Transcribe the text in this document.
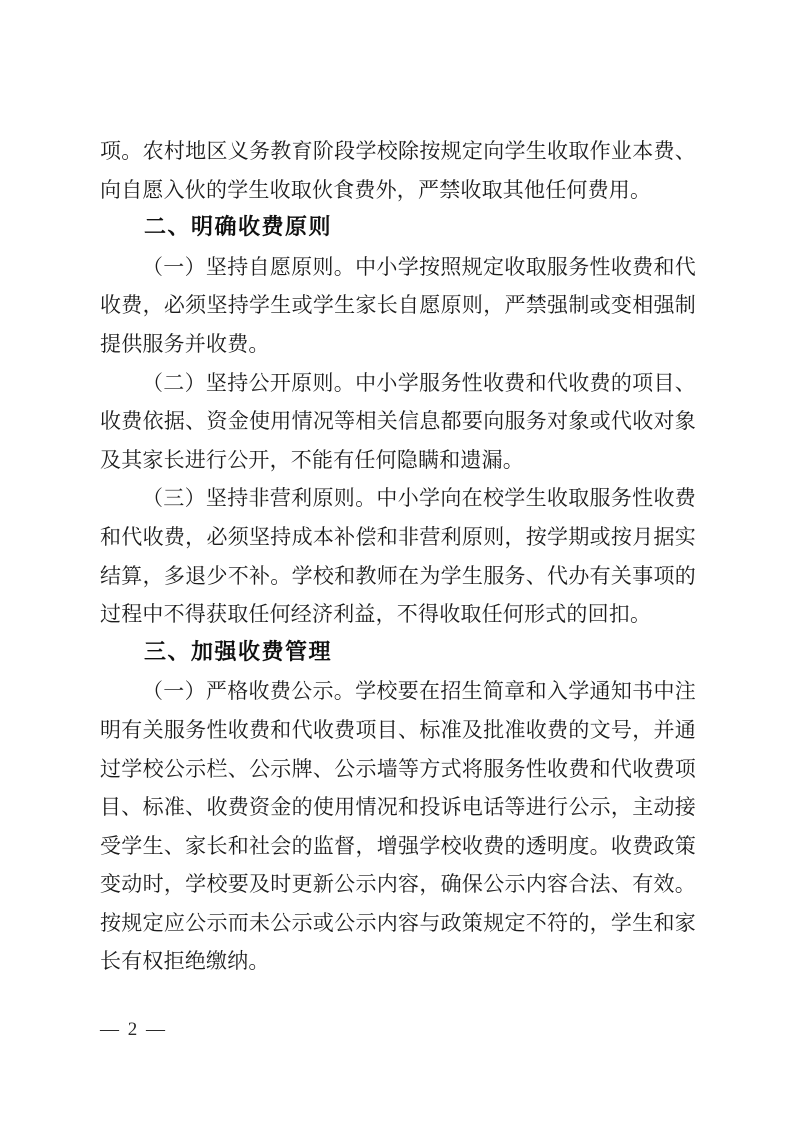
项。农村地区义务教育阶段学校除按规定向学生收取作业本费、向自愿入伙的学生收取伙食费外，严禁收取其他任何费用。

二、明确收费原则

（一）坚持自愿原则。中小学按照规定收取服务性收费和代收费，必须坚持学生或学生家长自愿原则，严禁强制或变相强制提供服务并收费。

（二）坚持公开原则。中小学服务性收费和代收费的项目、收费依据、资金使用情况等相关信息都要向服务对象或代收对象及其家长进行公开，不能有任何隐瞒和遗漏。

（三）坚持非营利原则。中小学向在校学生收取服务性收费和代收费，必须坚持成本补偿和非营利原则，按学期或按月据实结算，多退少不补。学校和教师在为学生服务、代办有关事项的过程中不得获取任何经济利益，不得收取任何形式的回扣。

三、加强收费管理

（一）严格收费公示。学校要在招生简章和入学通知书中注明有关服务性收费和代收费项目、标准及批准收费的文号，并通过学校公示栏、公示牌、公示墙等方式将服务性收费和代收费项目、标准、收费资金的使用情况和投诉电话等进行公示，主动接受学生、家长和社会的监督，增强学校收费的透明度。收费政策变动时，学校要及时更新公示内容，确保公示内容合法、有效。按规定应公示而未公示或公示内容与政策规定不符的，学生和家长有权拒绝缴纳。

— 2 —
